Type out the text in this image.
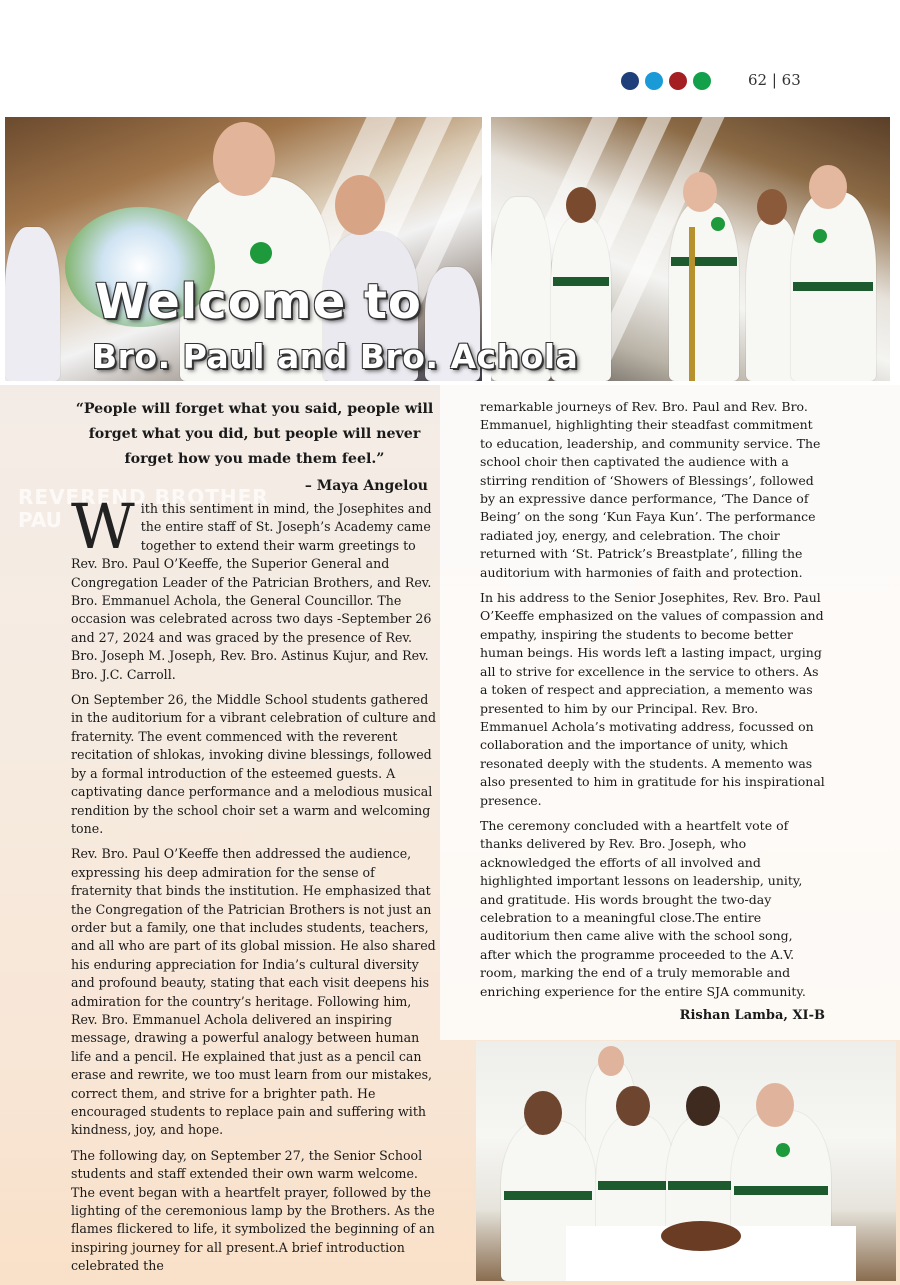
62 | 63
Welcome to
Bro. Paul and Bro. Achola
REVEREND BROTHER
PAU

“People will forget what you said, people will forget what you did, but people will never forget how you made them feel.”

– Maya Angelou

With this sentiment in mind, the Josephites and the entire staff of St. Joseph’s Academy came together to extend their warm greetings to Rev. Bro. Paul O’Keeffe, the Superior General and Congregation Leader of the Patrician Brothers, and Rev. Bro. Emmanuel Achola, the General Councillor. The occasion was celebrated across two days -September 26 and 27, 2024 and was graced by the presence of Rev. Bro. Joseph M. Joseph, Rev. Bro. Astinus Kujur, and Rev. Bro. J.C. Carroll.

On September 26, the Middle School students gathered in the auditorium for a vibrant celebration of culture and fraternity. The event commenced with the reverent recitation of shlokas, invoking divine blessings, followed by a formal introduction of the esteemed guests. A captivating dance performance and a melodious musical rendition by the school choir set a warm and welcoming tone.

Rev. Bro. Paul O’Keeffe then addressed the audience, expressing his deep admiration for the sense of fraternity that binds the institution. He emphasized that the Congregation of the Patrician Brothers is not just an order but a family, one that includes students, teachers, and all who are part of its global mission. He also shared his enduring appreciation for India’s cultural diversity and profound beauty, stating that each visit deepens his admiration for the country’s heritage. Following him, Rev. Bro. Emmanuel Achola delivered an inspiring message, drawing a powerful analogy between human life and a pencil. He explained that just as a pencil can erase and rewrite, we too must learn from our mistakes, correct them, and strive for a brighter path. He encouraged students to replace pain and suffering with kindness, joy, and hope.

The following day, on September 27, the Senior School students and staff extended their own warm welcome. The event began with a heartfelt prayer, followed by the lighting of the ceremonious lamp by the Brothers. As the flames flickered to life, it symbolized the beginning of an inspiring journey for all present.A brief introduction celebrated the

remarkable journeys of Rev. Bro. Paul and Rev. Bro. Emmanuel, highlighting their steadfast commitment to education, leadership, and community service. The school choir then captivated the audience with a stirring rendition of ‘Showers of Blessings’, followed by an expressive dance performance, ‘The Dance of Being’ on the song ‘Kun Faya Kun’. The performance radiated joy, energy, and celebration. The choir returned with ‘St. Patrick’s Breastplate’, filling the auditorium with harmonies of faith and protection.

In his address to the Senior Josephites, Rev. Bro. Paul O’Keeffe emphasized on the values of compassion and empathy, inspiring the students to become better human beings. His words left a lasting impact, urging all to strive for excellence in the service to others. As a token of respect and appreciation, a memento was presented to him by our Principal. Rev. Bro. Emmanuel Achola’s motivating address, focussed on collaboration and the importance of unity, which resonated deeply with the students. A memento was also presented to him in gratitude for his inspirational presence.

The ceremony concluded with a heartfelt vote of thanks delivered by Rev. Bro. Joseph, who acknowledged the efforts of all involved and highlighted important lessons on leadership, unity, and gratitude. His words brought the two-day celebration to a meaningful close.The entire auditorium then came alive with the school song, after which the programme proceeded to the A.V. room, marking the end of a truly memorable and enriching experience for the entire SJA community.

Rishan Lamba, XI-B
